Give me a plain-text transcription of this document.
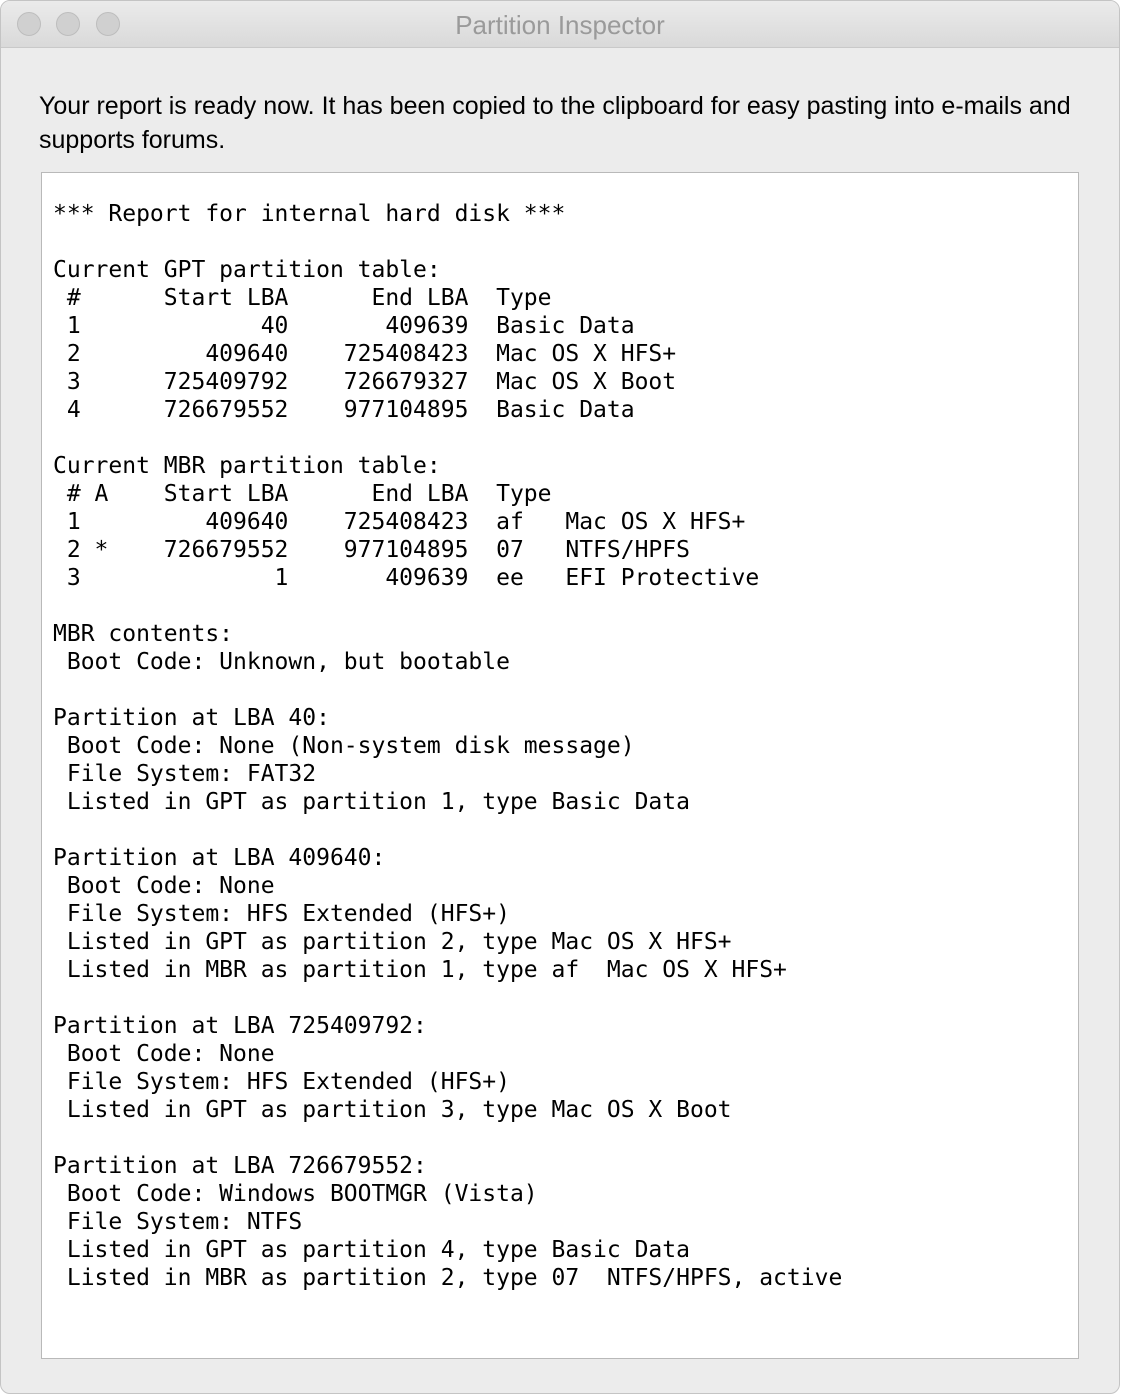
Partition Inspector
Your report is ready now. It has been copied to the clipboard for easy pasting into e-mails and supports forums.
*** Report for internal hard disk ***

Current GPT partition table:
#      Start LBA      End LBA  Type
1             40       409639  Basic Data
2         409640    725408423  Mac OS X HFS+
3      725409792    726679327  Mac OS X Boot
4      726679552    977104895  Basic Data

Current MBR partition table:
# A    Start LBA      End LBA  Type
1         409640    725408423  af   Mac OS X HFS+
2 *    726679552    977104895  07   NTFS/HPFS
3              1       409639  ee   EFI Protective

MBR contents:
Boot Code: Unknown, but bootable

Partition at LBA 40:
Boot Code: None (Non-system disk message)
File System: FAT32
Listed in GPT as partition 1, type Basic Data

Partition at LBA 409640:
Boot Code: None
File System: HFS Extended (HFS+)
Listed in GPT as partition 2, type Mac OS X HFS+
Listed in MBR as partition 1, type af  Mac OS X HFS+

Partition at LBA 725409792:
Boot Code: None
File System: HFS Extended (HFS+)
Listed in GPT as partition 3, type Mac OS X Boot

Partition at LBA 726679552:
Boot Code: Windows BOOTMGR (Vista)
File System: NTFS
Listed in GPT as partition 4, type Basic Data
Listed in MBR as partition 2, type 07  NTFS/HPFS, active
